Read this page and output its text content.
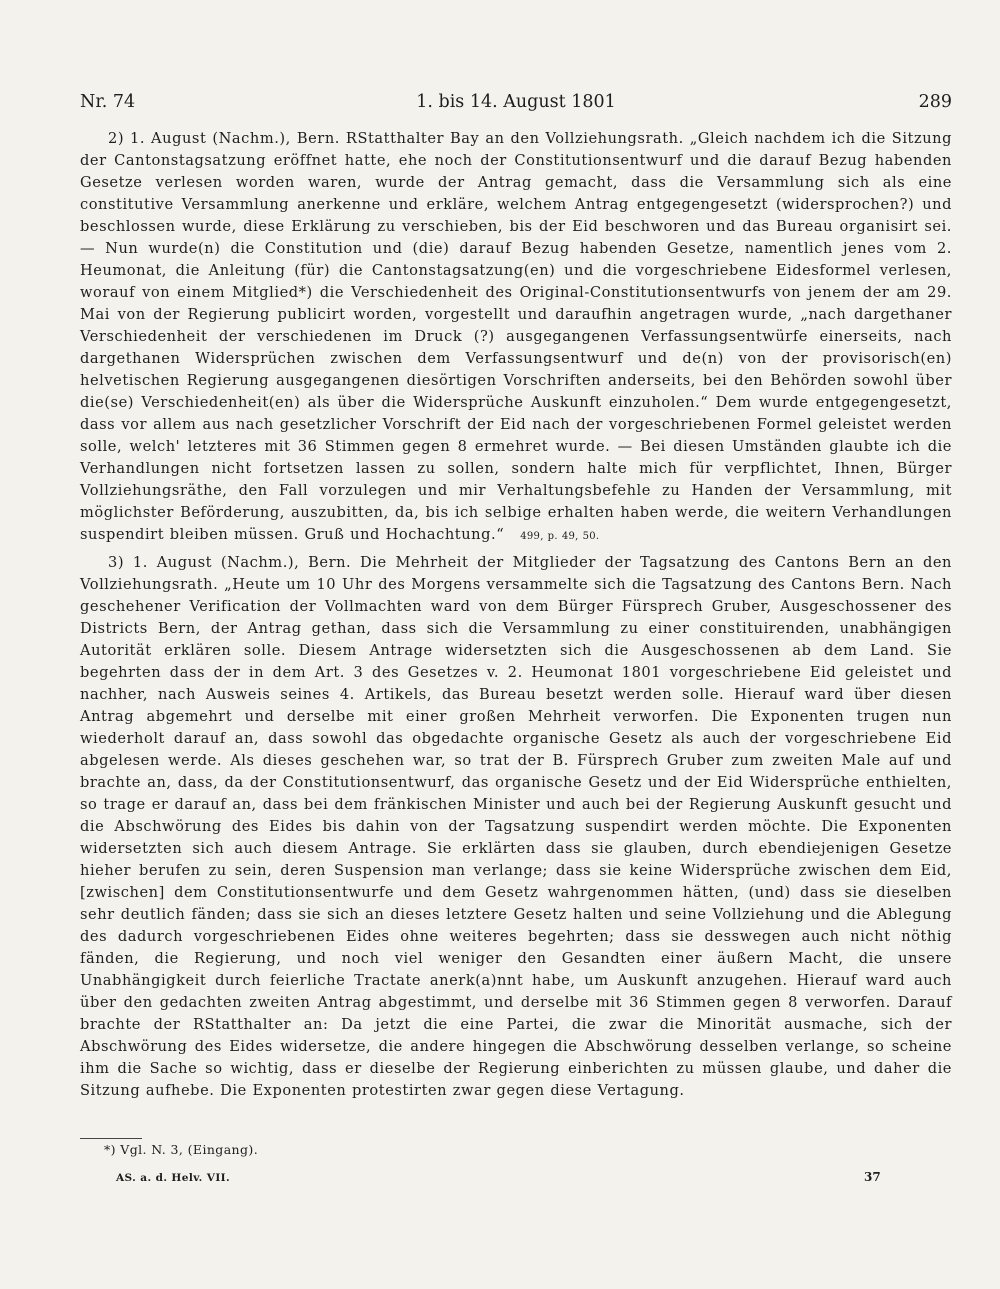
Nr. 74	1. bis 14. August 1801	289

2) 1. August (Nachm.), Bern. RStatthalter Bay an den Vollziehungsrath. „Gleich nachdem ich die Sitzung der Cantonstagsatzung eröffnet hatte, ehe noch der Constitutionsentwurf und die darauf Bezug habenden Gesetze verlesen worden waren, wurde der Antrag gemacht, dass die Versammlung sich als eine constitutive Versammlung anerkenne und erkläre, welchem Antrag entgegengesetzt (widersprochen?) und beschlossen wurde, diese Erklärung zu verschieben, bis der Eid beschworen und das Bureau organisirt sei. — Nun wurde(n) die Constitution und (die) darauf Bezug habenden Gesetze, namentlich jenes vom 2. Heumonat, die Anleitung (für) die Cantonstagsatzung(en) und die vorgeschriebene Eidesformel verlesen, worauf von einem Mitglied*) die Verschiedenheit des Original-Constitutionsentwurfs von jenem der am 29. Mai von der Regierung publicirt worden, vorgestellt und daraufhin angetragen wurde, „nach dargethaner Verschiedenheit der verschiedenen im Druck (?) ausgegangenen Verfassungsentwürfe einerseits, nach dargethanen Widersprüchen zwischen dem Verfassungsentwurf und de(n) von der provisorisch(en) helvetischen Regierung ausgegangenen diesörtigen Vorschriften anderseits, bei den Behörden sowohl über die(se) Verschiedenheit(en) als über die Widersprüche Auskunft einzuholen.“ Dem wurde entgegengesetzt, dass vor allem aus nach gesetzlicher Vorschrift der Eid nach der vorgeschriebenen Formel geleistet werden solle, welch' letzteres mit 36 Stimmen gegen 8 ermehret wurde. — Bei diesen Umständen glaubte ich die Verhandlungen nicht fortsetzen lassen zu sollen, sondern halte mich für verpflichtet, Ihnen, Bürger Vollziehungsräthe, den Fall vorzulegen und mir Verhaltungsbefehle zu Handen der Versammlung, mit möglichster Beförderung, auszubitten, da, bis ich selbige erhalten haben werde, die weitern Verhandlungen suspendirt bleiben müssen. Gruß und Hochachtung.“ 499, p. 49, 50.

3) 1. August (Nachm.), Bern. Die Mehrheit der Mitglieder der Tagsatzung des Cantons Bern an den Vollziehungsrath. „Heute um 10 Uhr des Morgens versammelte sich die Tagsatzung des Cantons Bern. Nach geschehener Verification der Vollmachten ward von dem Bürger Fürsprech Gruber, Ausgeschossener des Districts Bern, der Antrag gethan, dass sich die Versammlung zu einer constituirenden, unabhängigen Autorität erklären solle. Diesem Antrage widersetzten sich die Ausgeschossenen ab dem Land. Sie begehrten dass der in dem Art. 3 des Gesetzes v. 2. Heumonat 1801 vorgeschriebene Eid geleistet und nachher, nach Ausweis seines 4. Artikels, das Bureau besetzt werden solle. Hierauf ward über diesen Antrag abgemehrt und derselbe mit einer großen Mehrheit verworfen. Die Exponenten trugen nun wiederholt darauf an, dass sowohl das obgedachte organische Gesetz als auch der vorgeschriebene Eid abgelesen werde. Als dieses geschehen war, so trat der B. Fürsprech Gruber zum zweiten Male auf und brachte an, dass, da der Constitutionsentwurf, das organische Gesetz und der Eid Widersprüche enthielten, so trage er darauf an, dass bei dem fränkischen Minister und auch bei der Regierung Auskunft gesucht und die Abschwörung des Eides bis dahin von der Tagsatzung suspendirt werden möchte. Die Exponenten widersetzten sich auch diesem Antrage. Sie erklärten dass sie glauben, durch ebendiejenigen Gesetze hieher berufen zu sein, deren Suspension man verlange; dass sie keine Widersprüche zwischen dem Eid, [zwischen] dem Constitutionsentwurfe und dem Gesetz wahrgenommen hätten, (und) dass sie dieselben sehr deutlich fänden; dass sie sich an dieses letztere Gesetz halten und seine Vollziehung und die Ablegung des dadurch vorgeschriebenen Eides ohne weiteres begehrten; dass sie desswegen auch nicht nöthig fänden, die Regierung, und noch viel weniger den Gesandten einer äußern Macht, die unsere Unabhängigkeit durch feierliche Tractate anerk(a)nnt habe, um Auskunft anzugehen. Hierauf ward auch über den gedachten zweiten Antrag abgestimmt, und derselbe mit 36 Stimmen gegen 8 verworfen. Darauf brachte der RStatthalter an: Da jetzt die eine Partei, die zwar die Minorität ausmache, sich der Abschwörung des Eides widersetze, die andere hingegen die Abschwörung desselben verlange, so scheine ihm die Sache so wichtig, dass er dieselbe der Regierung einberichten zu müssen glaube, und daher die Sitzung aufhebe. Die Exponenten protestirten zwar gegen diese Vertagung.

*) Vgl. N. 3, (Eingang).
AS. a. d. Helv. VII.	37
